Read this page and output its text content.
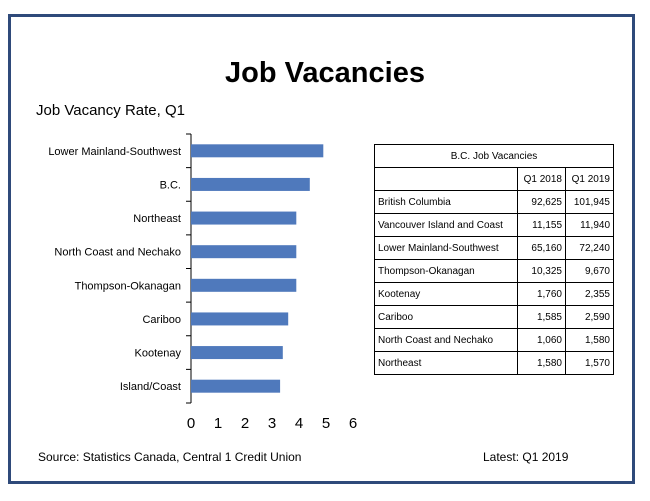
Job Vacancies
Job Vacancy Rate, Q1
Lower Mainland-Southwest
B.C.
Northeast
North Coast and Nechako
Thompson-Okanagan
Cariboo
Kootenay
Island/Coast
0 1 2 3 4 5 6
B.C. Job Vacancies		
	Q1 2018	Q1 2019
British Columbia	92,625	101,945
Vancouver Island and Coast	11,155	11,940
Lower Mainland-Southwest	65,160	72,240
Thompson-Okanagan	10,325	9,670
Kootenay	1,760	2,355
Cariboo	1,585	2,590
North Coast and Nechako	1,060	1,580
Northeast	1,580	1,570
Source: Statistics Canada, Central 1 Credit Union	Latest: Q1 2019
